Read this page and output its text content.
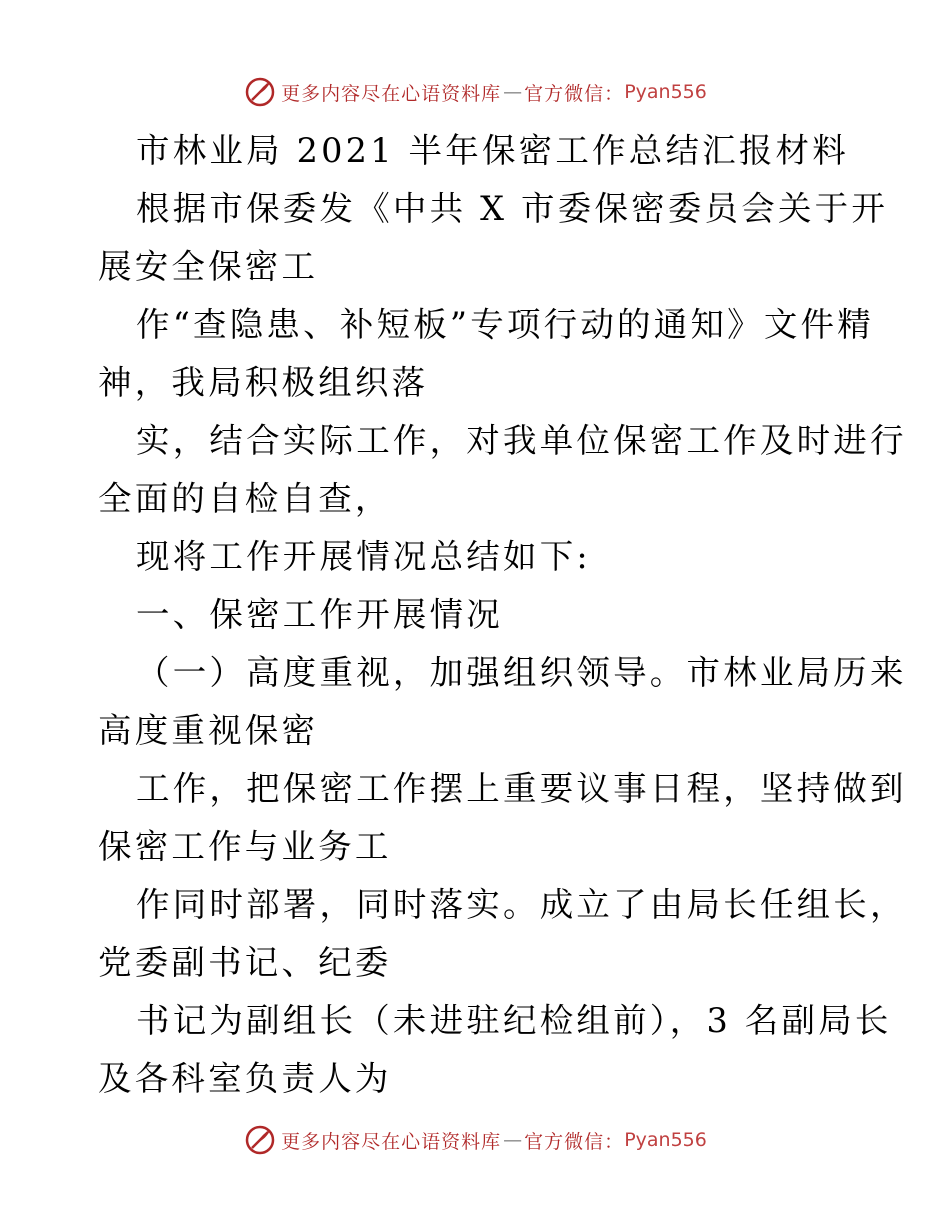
更多内容尽在心语资料库 — 官方微信： Pyan556
市林业局 2021 半年保密工作总结汇报材料
根据市保委发《中共 X 市委保密委员会关于开
展安全保密工
作“查隐患、补短板”专项行动的通知》文件精
神，我局积极组织落
实，结合实际工作，对我单位保密工作及时进行
全面的自检自查，
现将工作开展情况总结如下:
一、保密工作开展情况
（一）高度重视，加强组织领导。市林业局历来
高度重视保密
工作，把保密工作摆上重要议事日程，坚持做到
保密工作与业务工
作同时部署，同时落实。成立了由局长任组长，
党委副书记、纪委
书记为副组长（未进驻纪检组前），3 名副局长
及各科室负责人为
更多内容尽在心语资料库 — 官方微信： Pyan556
